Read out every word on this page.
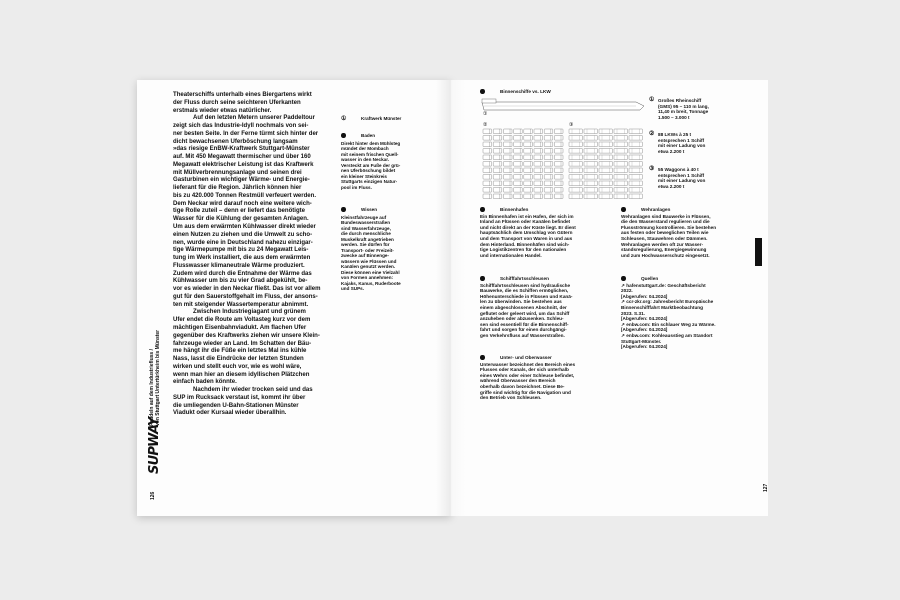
Theaterschiffs unterhalb eines Biergartens wirkt
der Fluss durch seine seichteren Uferkanten
erstmals wieder etwas natürlicher.

Auf den letzten Metern unserer Paddeltour
zeigt sich das Industrie-Idyll nochmals von sei-
ner besten Seite. In der Ferne türmt sich hinter der
dicht bewachsenen Uferböschung langsam
»das riesige EnBW-Kraftwerk Stuttgart-Münster
auf. Mit 450 Megawatt thermischer und über 160
Megawatt elektrischer Leistung ist das Kraftwerk
mit Müllverbrennungsanlage und seinen drei
Gasturbinen ein wichtiger Wärme- und Energie-
lieferant für die Region. Jährlich können hier
bis zu 420.000 Tonnen Restmüll verfeuert werden.
Dem Neckar wird darauf noch eine weitere wich-
tige Rolle zuteil – denn er liefert das benötigte
Wasser für die Kühlung der gesamten Anlagen.
Um aus dem erwärmten Kühlwasser direkt wieder
einen Nutzen zu ziehen und die Umwelt zu scho-
nen, wurde eine in Deutschland nahezu einzigar-
tige Wärmepumpe mit bis zu 24 Megawatt Leis-
tung im Werk installiert, die aus dem erwärmten
Flusswasser klimaneutrale Wärme produziert.
Zudem wird durch die Entnahme der Wärme das
Kühlwasser um bis zu vier Grad abgekühlt, be-
vor es wieder in den Neckar fließt. Das ist vor allem
gut für den Sauerstoffgehalt im Fluss, der ansons-
ten mit steigender Wassertemperatur abnimmt.

Zwischen Industriegiagant und grünem
Ufer endet die Route am Voltasteg kurz vor dem
mächtigen Eisenbahnviadukt. Am flachen Ufer
gegenüber des Kraftwerks ziehen wir unsere Klein-
fahrzeuge wieder an Land. Im Schatten der Bäu-
me hängt ihr die Füße ein letztes Mal ins kühle
Nass, lasst die Eindrücke der letzten Stunden
wirken und stellt euch vor, wie es wohl wäre,
wenn man hier an diesem idyllischen Plätzchen
einfach baden könnte.

Nachdem ihr wieder trocken seid und das
SUP im Rucksack verstaut ist, kommt ihr über
die umliegenden U-Bahn-Stationen Münster
Viadukt oder Kursaal wieder überallhin.

126
SUPWAY
Paddeln auf dem Industriefluss /
von Stuttgart Untertürkheim bis Münster
①	Kraftwerk Münster
Baden
Direkt hinter dem Mühlsteg
mündet der Mombach
mit seinem frischen Quell-
wasser in den Neckar.
Versteckt am Fuße der grü-
nen Uferböschung bildet
ein kleiner Steinkreis
Stuttgarts einzigen Natur-
pool im Fluss.
Wissen
Kleinstfahrzeuge auf
Bundeswasserstraßen
sind Wasserfahrzeuge,
die durch menschliche
Muskelkraft angetrieben
werden. Sie dürfen für
Transport- oder Freizeit-
zwecke auf Binnenge-
wässern wie Flüssen und
Kanälen genutzt werden.
Diese können eine Vielzahl
von Formen annehmen:
Kajaks, Kanus, Ruderboote
und SUPs.
Binnenschiffe vs. LKW
①
②	③
① Großes Rheinschiff
(GMS) 95 – 110 m lang,
11,40 m breit, Tonnage
1.500 – 3.000 t
② 88 LKWs à 25 t
entsprechen 1 Schiff
mit einer Ladung von
etwa 2.200 t
③ 55 Waggons à 40 t
entsprechen 1 Schiff
mit einer Ladung von
etwa 2.200 t
Binnenhafen
Ein Binnenhafen ist ein Hafen, der sich im
Inland an Flüssen oder Kanälen befindet
und nicht direkt an der Küste liegt. Er dient
hauptsächlich dem Umschlag von Gütern
und dem Transport von Waren in und aus
dem Hinterland. Binnenhäfen sind wich-
tige Logistikzentren für den nationalen
und internationalen Handel.
Schifffahrtsschleusen
Schifffahrtsschleusen sind hydraulische
Bauwerke, die es Schiffen ermöglichen,
Höhenunterschiede in Flüssen und Kanä-
len zu überwinden. Sie bestehen aus
einem abgeschlossenen Abschnitt, der
geflutet oder geleert wird, um das Schiff
anzuheben oder abzusenken. Schleu-
sen sind essentiell für die Binnenschiff-
fahrt und sorgen für einen durchgängi-
gen Verkehrsfluss auf Wasserstraßen.
Unter- und Oberwasser
Unterwasser bezeichnet den Bereich eines
Flusses oder Kanals, der sich unterhalb
eines Wehrs oder einer Schleuse befindet,
während Oberwasser den Bereich
oberhalb davon bezeichnet. Diese Be-
griffe sind wichtig für die Navigation und
den Betrieb von Schleusen.
Wehranlagen
Wehranlagen sind Bauwerke in Flüssen,
die den Wasserstand regulieren und die
Flussströmung kontrollieren. Sie bestehen
aus festen oder beweglichen Teilen wie
Schleusen, Stauwehren oder Dämmen.
Wehranlagen werden oft zur Wasser-
standsregulierung, Energiegewinnung
und zum Hochwasserschutz eingesetzt.
Quellen
↗ hafenstuttgart.de: Geschäftsbericht
2022.
[Abgerufen: 04.2024]
↗ ccr-zkr.org: Jahresbericht Europäische
Binnenschifffahrt Marktbeobachtung
2023. S.31.
[Abgerufen: 04.2024]
↗ enbw.com: Ein schlauer Weg zu Wärme.
[Abgerufen: 04.2024]
↗ enbw.com: Kohleausstieg am Standort
Stuttgart-Münster.
[Abgerufen: 04.2024]
127
